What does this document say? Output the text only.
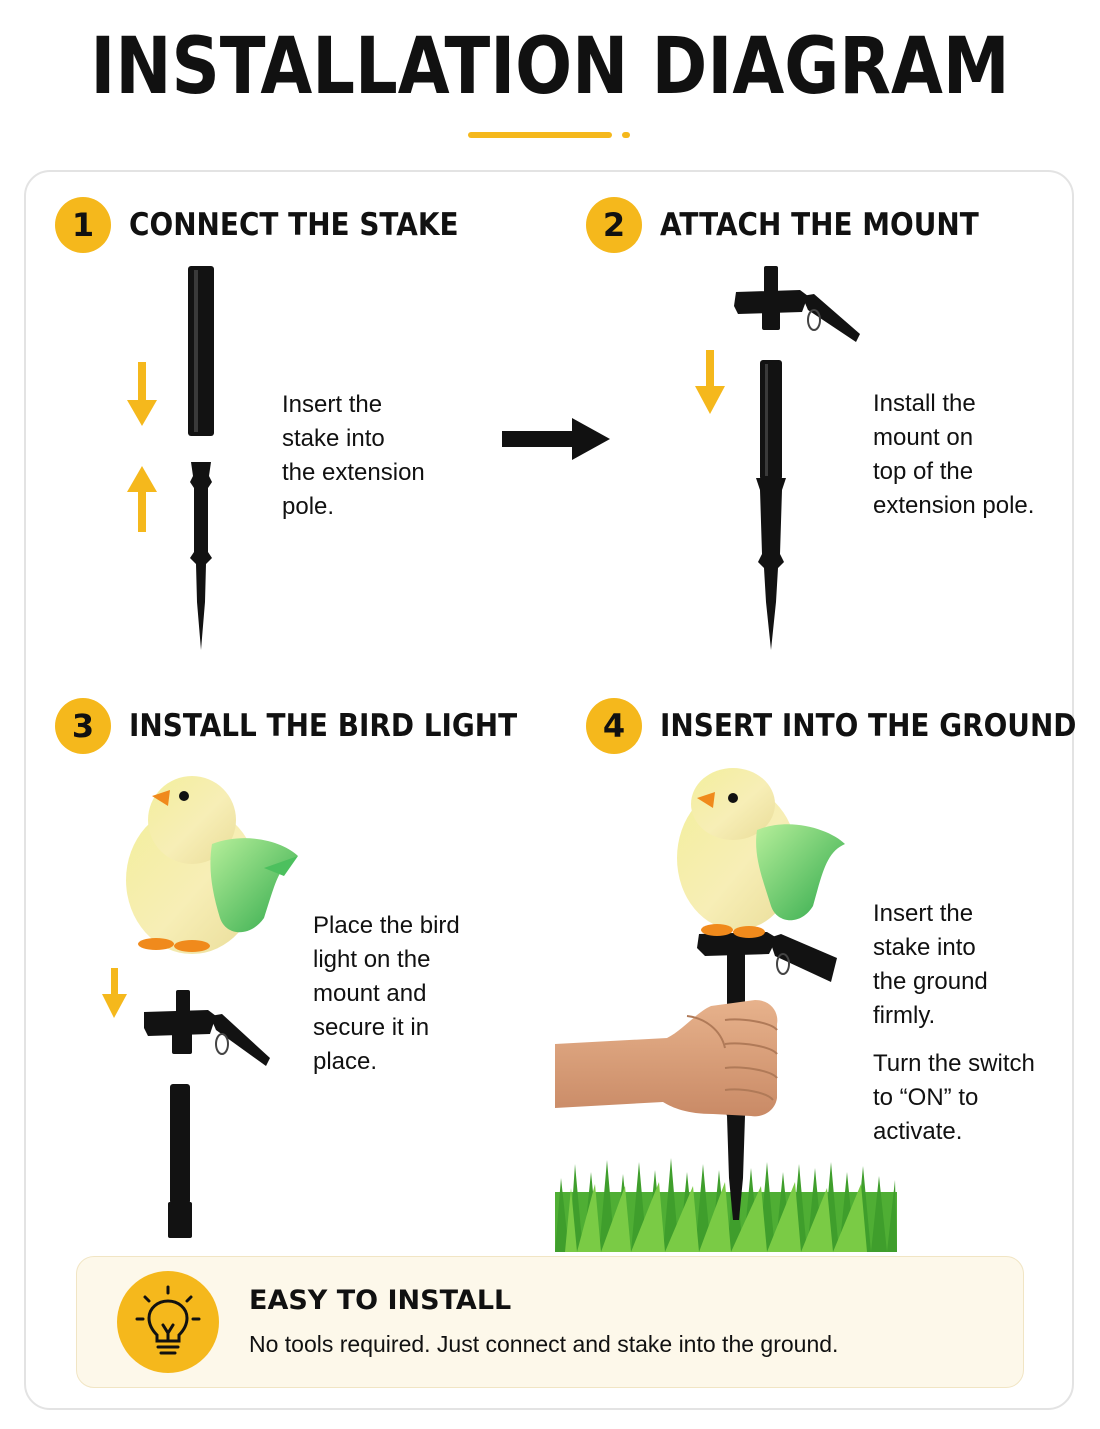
INSTALLATION DIAGRAM
1	CONNECT THE STAKE
Insert the
stake into
the extension
pole.
2	ATTACH THE MOUNT
Install the
mount on
top of the
extension pole.
3	INSTALL THE BIRD LIGHT
Place the bird
light on the
mount and
secure it in
place.
4	INSERT INTO THE GROUND
Insert the
stake into
the ground
firmly.
Turn the switch
to “ON” to
activate.
EASY TO INSTALL
No tools required. Just connect and stake into the ground.
